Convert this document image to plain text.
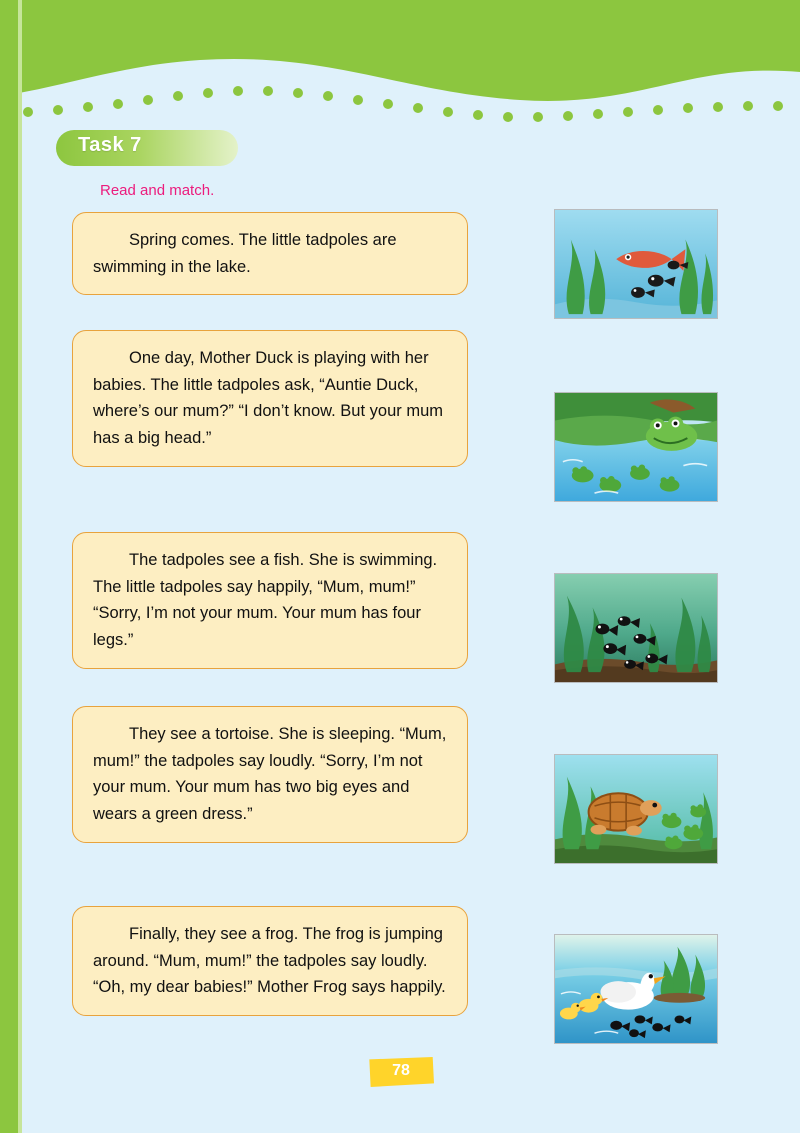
Task 7
Read and match.
Spring comes. The little tadpoles are swimming in the lake.
One day, Mother Duck is playing with her babies. The little tadpoles ask, “Auntie Duck, where’s our mum?” “I don’t know. But your mum has a big head.”
The tadpoles see a fish. She is swimming. The little tadpoles say happily, “Mum, mum!” “Sorry, I’m not your mum. Your mum has four legs.”
They see a tortoise. She is sleeping. “Mum, mum!” the tadpoles say loudly. “Sorry, I’m not your mum. Your mum has two big eyes and wears a green dress.”
Finally, they see a frog. The frog is jumping around. “Mum, mum!” the tadpoles say loudly. “Oh, my dear babies!” Mother Frog says happily.
78
